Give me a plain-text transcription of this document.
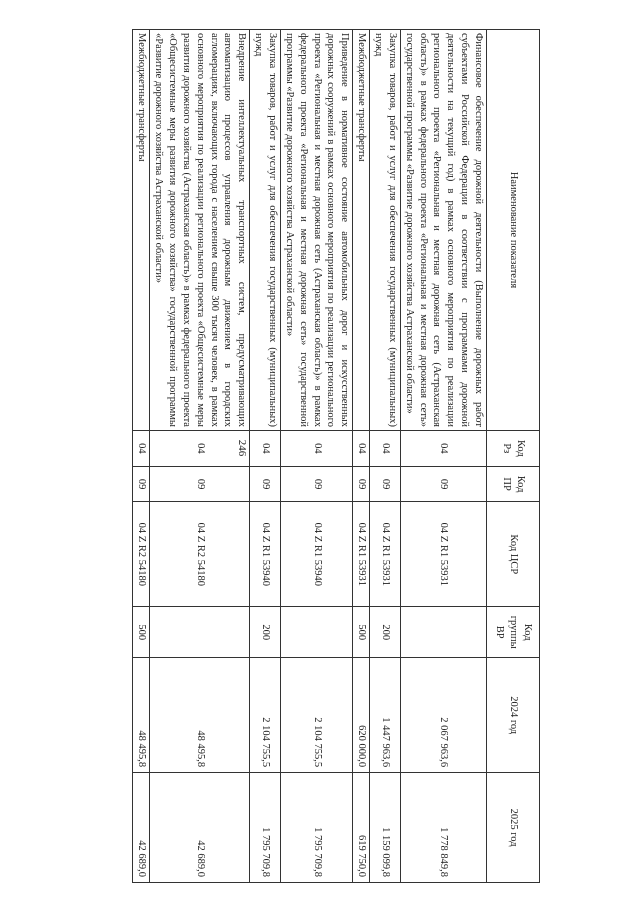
246
Наименование показателя	Код Рз	Код ПР	Код ЦСР	Код группы ВР	2024 год	2025 год
Финансовое обеспечение дорожной деятельности (Выполнение дорожных работ субъектами Российской Федерации в соответствии с программами дорожной деятельности на текущий год) в рамках основного мероприятия по реализации регионального проекта «Региональная и местная дорожная сеть (Астраханская область)» в рамках федерального проекта «Региональная и местная дорожная сеть» государственной программы «Развитие дорожного хозяйства Астраханской области»	04	09	04 Z R1 53931		2 067 963,6	1 778 849,8
Закупка товаров, работ и услуг для обеспечения государственных (муниципальных) нужд	04	09	04 Z R1 53931	200	1 447 963,6	1 159 099,8
Межбюджетные трансферты	04	09	04 Z R1 53931	500	620 000,0	619 750,0
Приведение в нормативное состояние автомобильных дорог и искусственных дорожных сооружений в рамках основного мероприятия по реализации регионального проекта «Региональная и местная дорожная сеть (Астраханская область)» в рамках федерального проекта «Региональная и местная дорожная сеть» государственной программы «Развитие дорожного хозяйства Астраханской области»	04	09	04 Z R1 53940		2 104 755,5	1 795 709,8
Закупка товаров, работ и услуг для обеспечения государственных (муниципальных) нужд	04	09	04 Z R1 53940	200	2 104 755,5	1 795 709,8
Внедрение интеллектуальных транспортных систем, предусматривающих автоматизацию процессов управления дорожным движением в городских агломерациях, включающих города с населением свыше 300 тысяч человек, в рамках основного мероприятия по реализации регионального проекта «Общесистемные меры развития дорожного хозяйства (Астраханская область)» в рамках федерального проекта «Общесистемные меры развития дорожного хозяйства» государственной программы «Развитие дорожного хозяйства Астраханской области»	04	09	04 Z R2 54180		48 495,8	42 689,0
Межбюджетные трансферты	04	09	04 Z R2 54180	500	48 495,8	42 689,0
